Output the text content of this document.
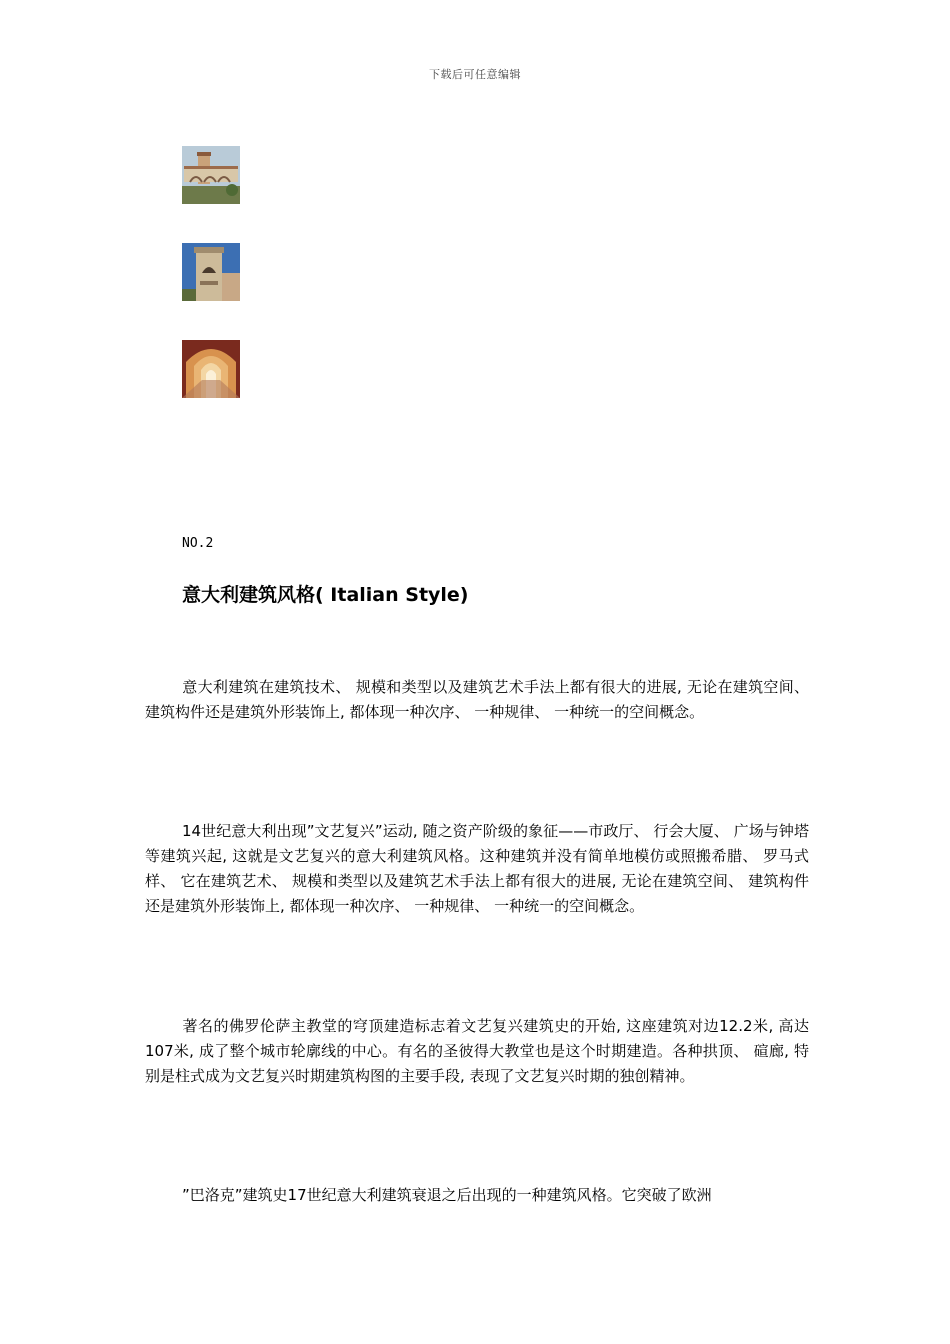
下载后可任意编辑
NO.2
意大利建筑风格( Italian Style)
意大利建筑在建筑技术、 规模和类型以及建筑艺术手法上都有很大的进展, 无论在建筑空间、 建筑构件还是建筑外形装饰上, 都体现一种次序、 一种规律、 一种统一的空间概念。
14世纪意大利出现”文艺复兴”运动, 随之资产阶级的象征——市政厅、 行会大厦、 广场与钟塔等建筑兴起, 这就是文艺复兴的意大利建筑风格。这种建筑并没有简单地模仿或照搬希腊、 罗马式样、 它在建筑艺术、 规模和类型以及建筑艺术手法上都有很大的进展, 无论在建筑空间、 建筑构件还是建筑外形装饰上, 都体现一种次序、 一种规律、 一种统一的空间概念。
著名的佛罗伦萨主教堂的穹顶建造标志着文艺复兴建筑史的开始, 这座建筑对边12.2米, 高达107米, 成了整个城市轮廓线的中心。有名的圣彼得大教堂也是这个时期建造。各种拱顶、 碹廊, 特别是柱式成为文艺复兴时期建筑构图的主要手段, 表现了文艺复兴时期的独创精神。
”巴洛克”建筑史17世纪意大利建筑衰退之后出现的一种建筑风格。它突破了欧洲
